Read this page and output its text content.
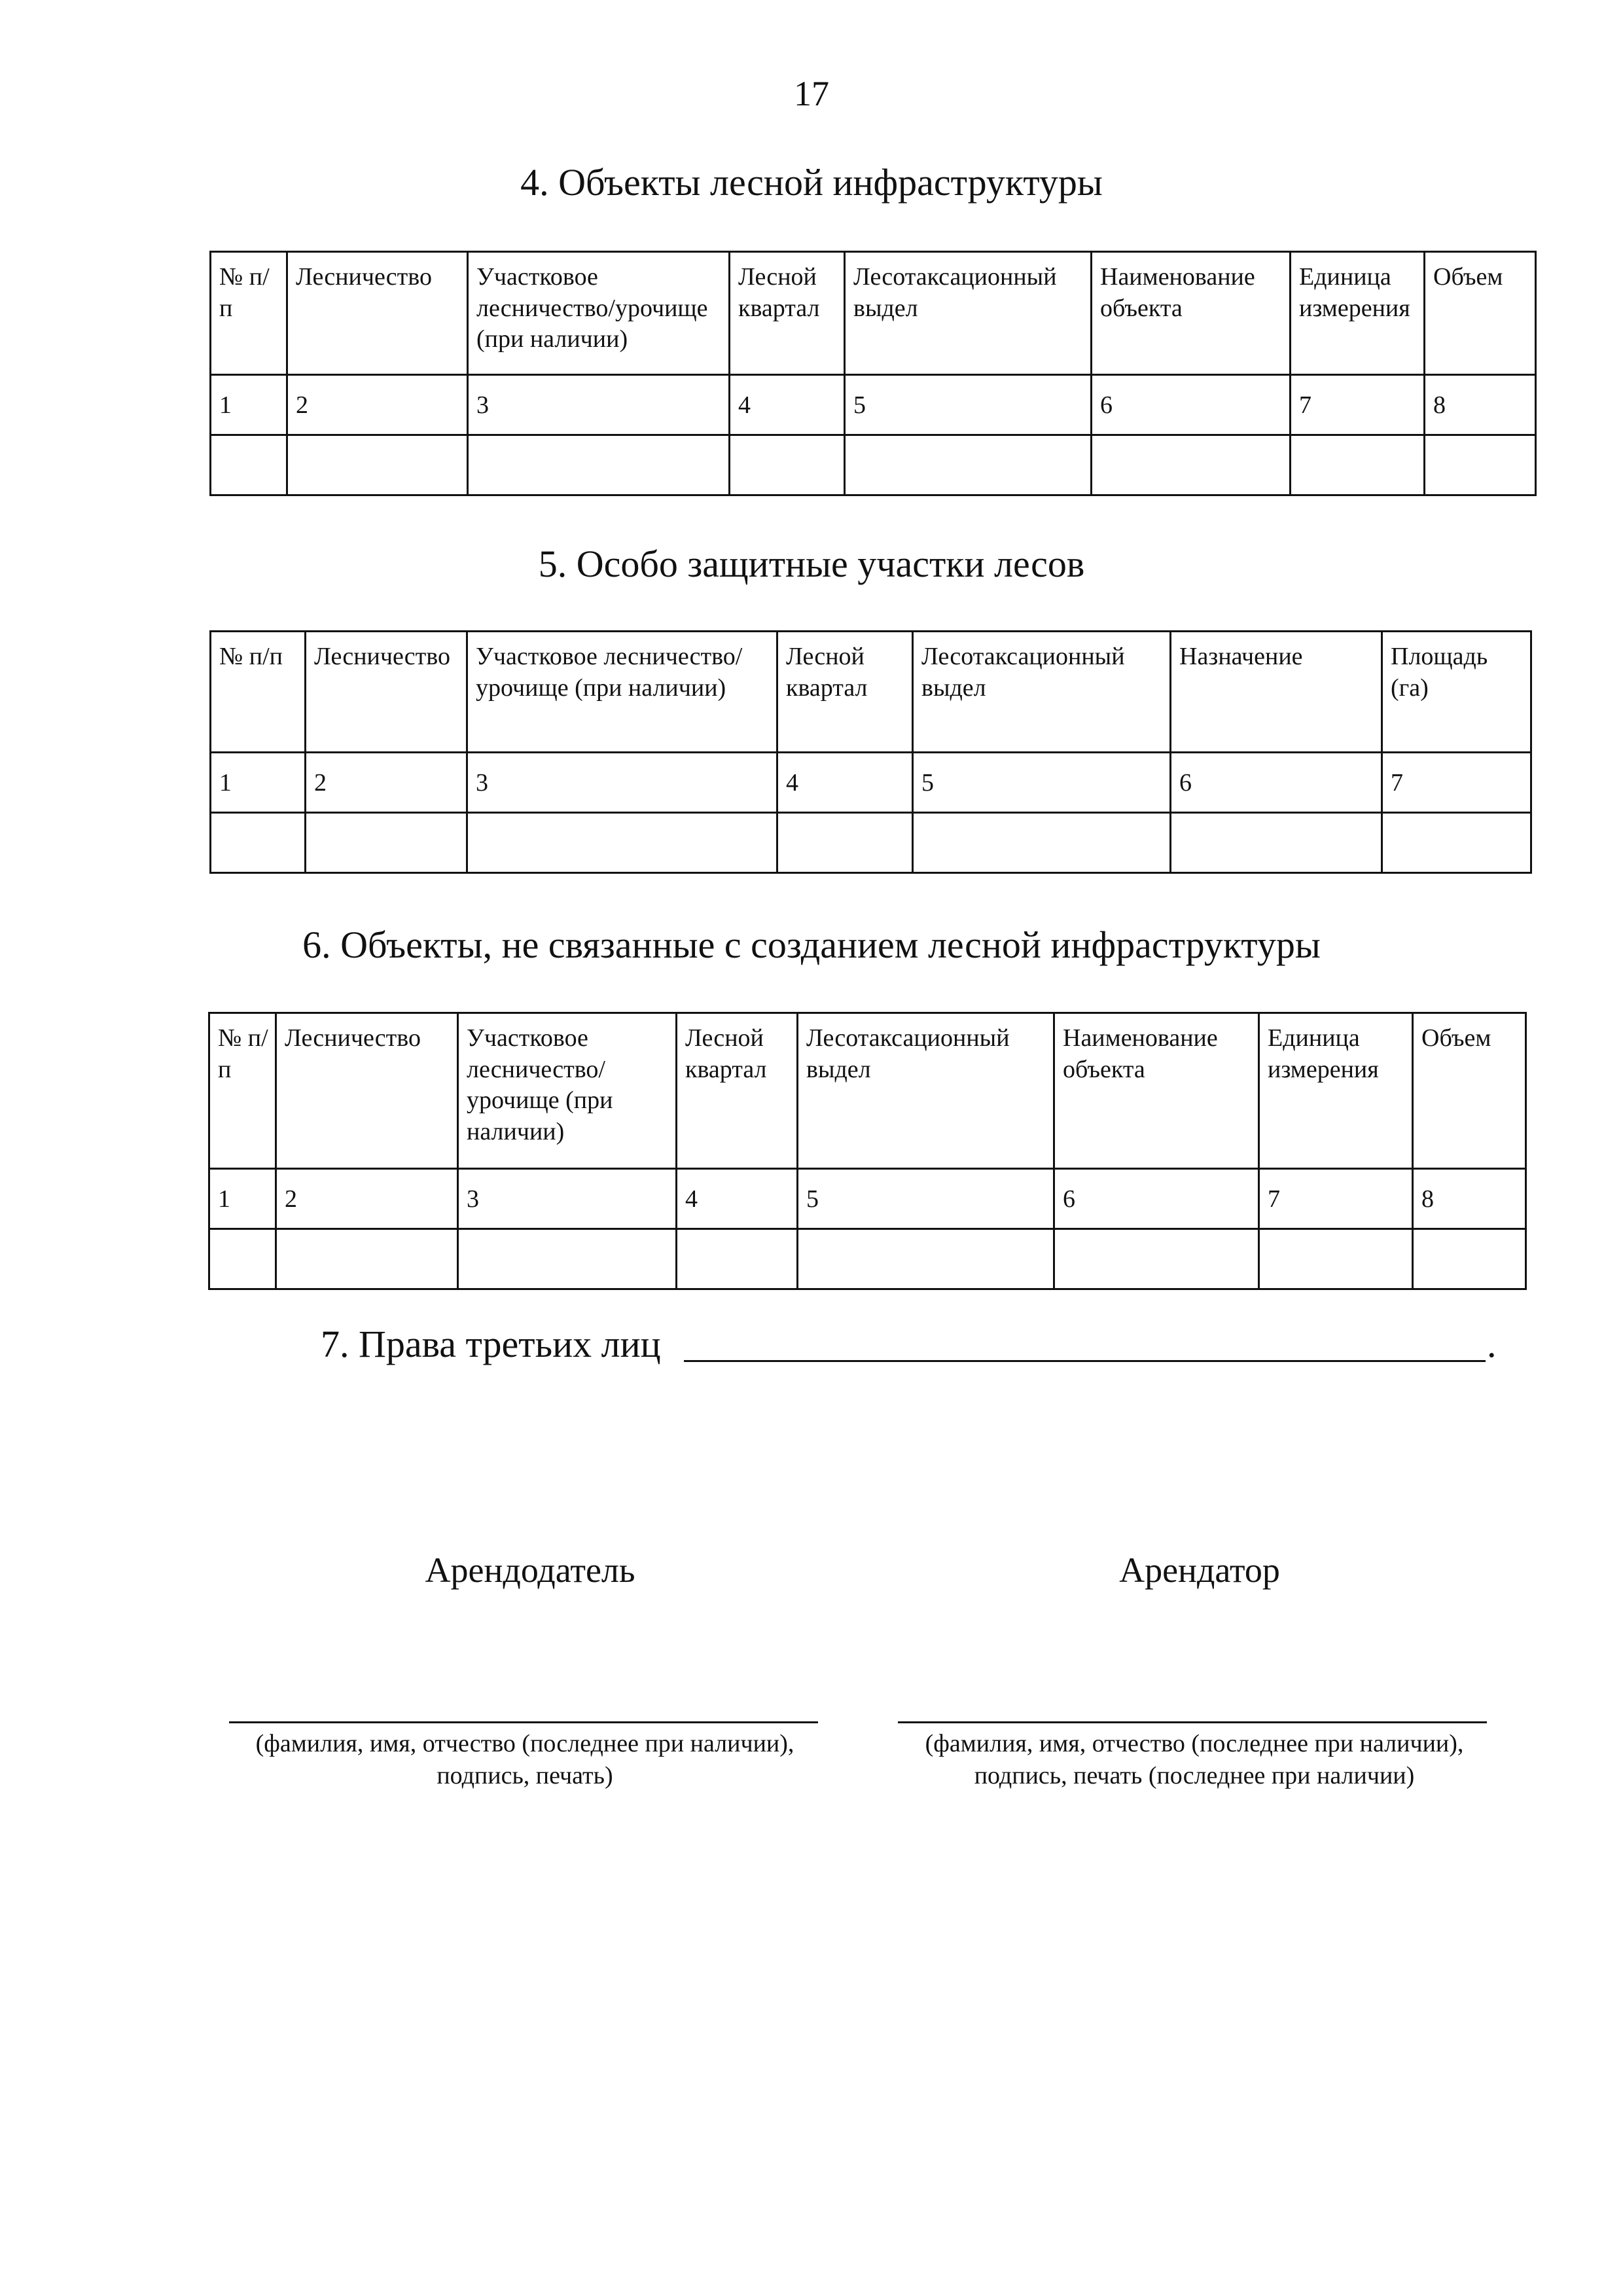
17
4. Объекты лесной инфраструктуры
№ п/п	Лесничество	Участковое лесничество/урочище (при наличии)	Лесной квартал	Лесотаксационный выдел	Наименование объекта	Единица измерения	Объем
1	2	3	4	5	6	7	8

5. Особо защитные участки лесов
№ п/п	Лесничество	Участковое лесничество/урочище (при наличии)	Лесной квартал	Лесотаксационный выдел	Назначение	Площадь (га)
1	2	3	4	5	6	7

6. Объекты, не связанные с созданием лесной инфраструктуры
№ п/п	Лесничество	Участковое лесничество/ урочище (при наличии)	Лесной квартал	Лесотаксационный выдел	Наименование объекта	Единица измерения	Объем
1	2	3	4	5	6	7	8

7. Права третьих лиц	.
Арендодатель	Арендатор
(фамилия, имя, отчество (последнее при наличии), подпись, печать)
(фамилия, имя, отчество (последнее при наличии), подпись, печать (последнее при наличии)
